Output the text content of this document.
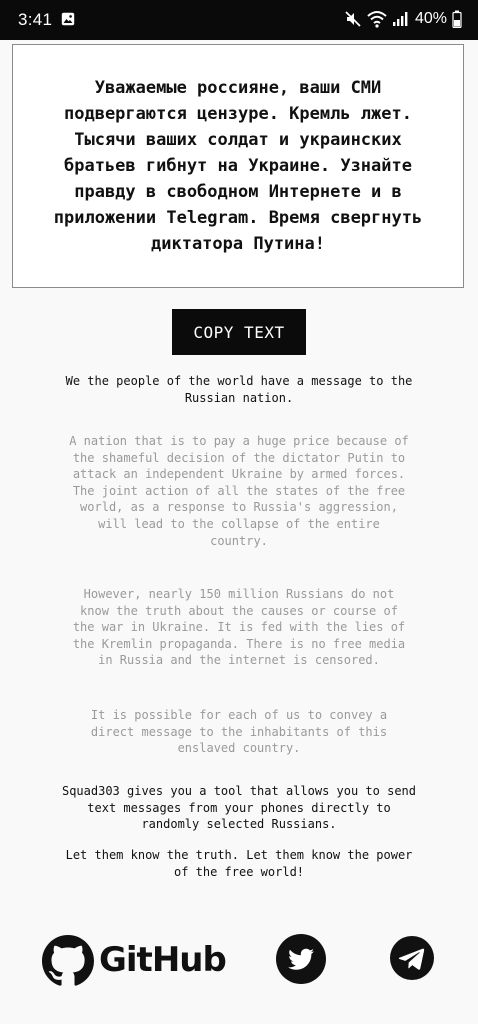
3:41	40%

Уважаемые россияне, ваши СМИ подвергаются цензуре. Кремль лжет. Тысячи ваших солдат и украинских братьев гибнут на Украине. Узнайте правду в свободном Интернете и в приложении Telegram. Время свергнуть диктатора Путина!

COPY TEXT

We the people of the world have a message to the
Russian nation.

A nation that is to pay a huge price because of
the shameful decision of the dictator Putin to
attack an independent Ukraine by armed forces.
The joint action of all the states of the free
world, as a response to Russia's aggression,
will lead to the collapse of the entire
country.

However, nearly 150 million Russians do not
know the truth about the causes or course of
the war in Ukraine. It is fed with the lies of
the Kremlin propaganda. There is no free media
in Russia and the internet is censored.

It is possible for each of us to convey a
direct message to the inhabitants of this
enslaved country.

Squad303 gives you a tool that allows you to send
text messages from your phones directly to
randomly selected Russians.

Let them know the truth. Let them know the power
of the free world!

GitHub
